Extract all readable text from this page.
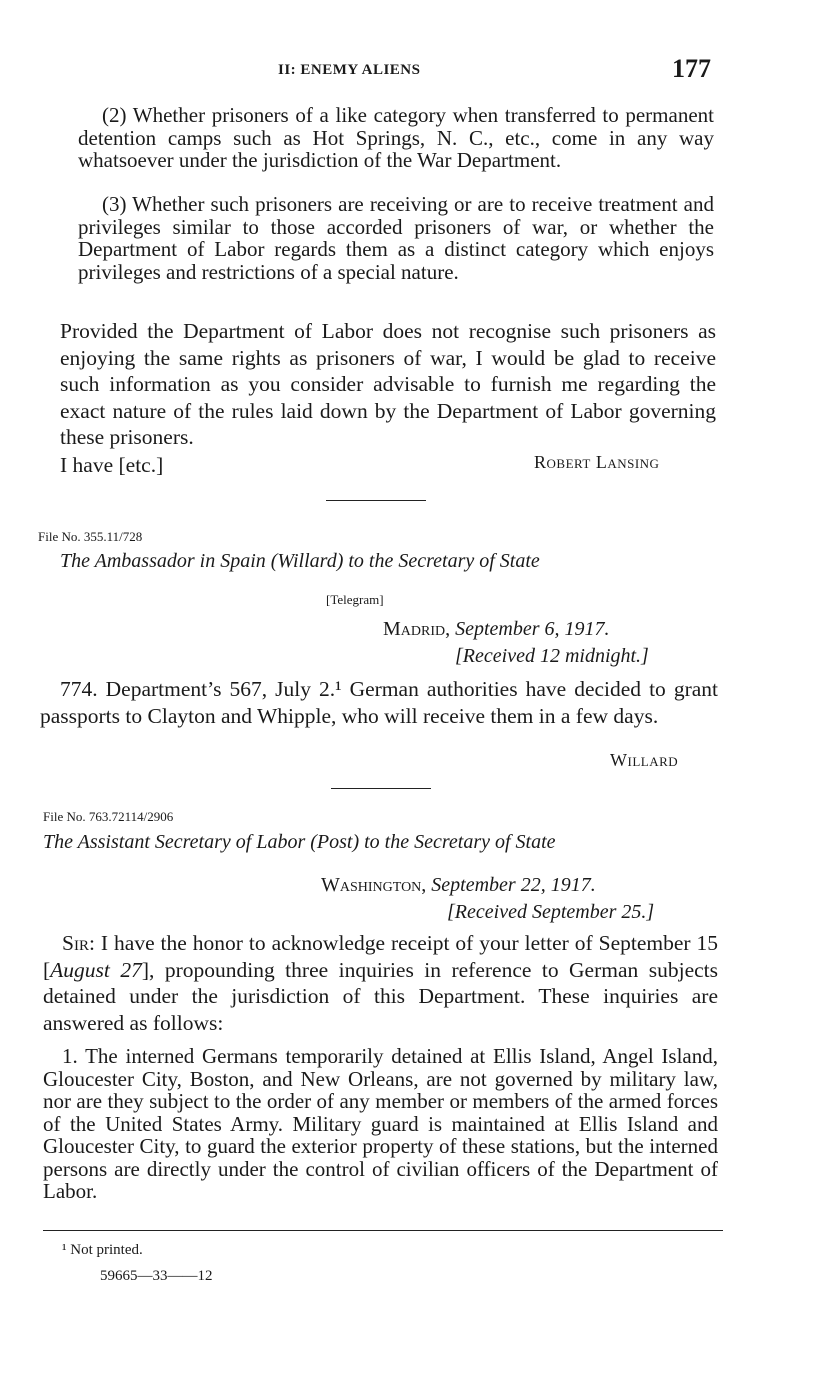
II: ENEMY ALIENS	177
(2) Whether prisoners of a like category when transferred to permanent detention camps such as Hot Springs, N. C., etc., come in any way whatsoever under the jurisdiction of the War Department.
(3) Whether such prisoners are receiving or are to receive treatment and privileges similar to those accorded prisoners of war, or whether the Department of Labor regards them as a distinct category which enjoys privileges and restrictions of a special nature.
Provided the Department of Labor does not recognise such prisoners as enjoying the same rights as prisoners of war, I would be glad to receive such information as you consider advisable to furnish me regarding the exact nature of the rules laid down by the Department of Labor governing these prisoners.
I have [etc.]	Robert Lansing
File No. 355.11/728
The Ambassador in Spain (Willard) to the Secretary of State
[Telegram]
Madrid, September 6, 1917.
[Received 12 midnight.]
774. Department’s 567, July 2.¹ German authorities have decided to grant passports to Clayton and Whipple, who will receive them in a few days.
Willard
File No. 763.72114/2906
The Assistant Secretary of Labor (Post) to the Secretary of State
Washington, September 22, 1917.
[Received September 25.]
Sir: I have the honor to acknowledge receipt of your letter of September 15 [August 27], propounding three inquiries in reference to German subjects detained under the jurisdiction of this Department. These inquiries are answered as follows:
1. The interned Germans temporarily detained at Ellis Island, Angel Island, Gloucester City, Boston, and New Orleans, are not governed by military law, nor are they subject to the order of any member or members of the armed forces of the United States Army. Military guard is maintained at Ellis Island and Gloucester City, to guard the exterior property of these stations, but the interned persons are directly under the control of civilian officers of the Department of Labor.
¹ Not printed.
59665—33——12
